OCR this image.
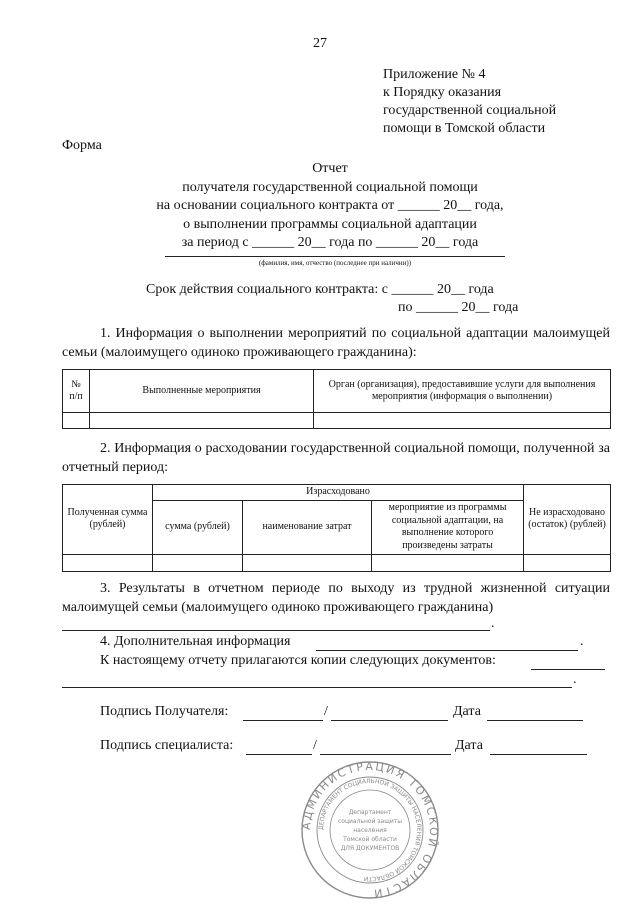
27
Приложение № 4
к Порядку оказания
государственной социальной
помощи в Томской области
Форма
Отчет
получателя государственной социальной помощи
на основании социального контракта от ______ 20__ года,
о выполнении программы социальной адаптации
за период с ______ 20__ года по ______ 20__ года
(фамилия, имя, отчество (последнее при наличии))
Срок действия социального контракта: с ______ 20__ года
по ______ 20__ года
1. Информация о выполнении мероприятий по социальной адаптации малоимущей семьи (малоимущего одиноко проживающего гражданина):
№ п/п	Выполненные мероприятия	Орган (организация), предоставившие услуги для выполнения мероприятия (информация о выполнении)

2. Информация о расходовании государственной социальной помощи, полученной за отчетный период:
Полученная сумма (рублей)	Израсходовано			Не израсходовано (остаток) (рублей)
	сумма (рублей)	наименование затрат	мероприятие из программы социальной адаптации, на выполнение которого произведены затраты	

3. Результаты в отчетном периоде по выходу из трудной жизненной ситуации малоимущей семьи (малоимущего одиноко проживающего гражданина)
.
4. Дополнительная информация	.
К настоящему отчету прилагаются копии следующих документов:
.
Подпись Получателя:	/	Дата
Подпись специалиста:	/	Дата
АДМИНИСТРАЦИЯ ТОМСКОЙ ОБЛАСТИ
ДЕПАРТАМЕНТ СОЦИАЛЬНОЙ ЗАЩИТЫ НАСЕЛЕНИЯ ТОМСКОЙ ОБЛАСТИ
Департамент
социальной защиты
населения
Томской области
ДЛЯ ДОКУМЕНТОВ
